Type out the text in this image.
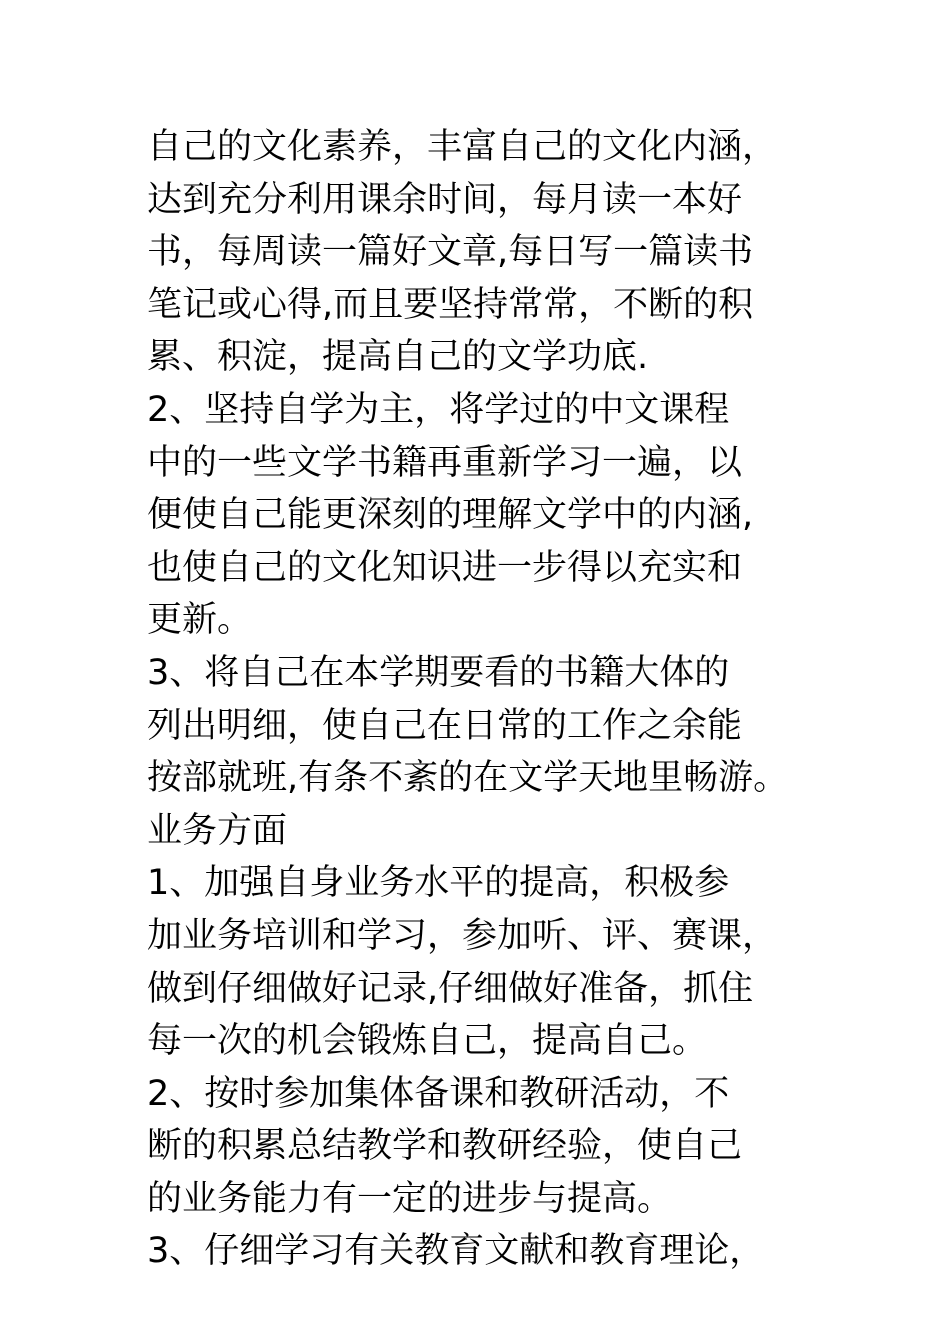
自己的文化素养，丰富自己的文化内涵，
达到充分利用课余时间，每月读一本好
书，每周读一篇好文章,每日写一篇读书
笔记或心得,而且要坚持常常，不断的积
累、积淀，提高自己的文学功底.
2、坚持自学为主，将学过的中文课程
中的一些文学书籍再重新学习一遍，以
便使自己能更深刻的理解文学中的内涵,
也使自己的文化知识进一步得以充实和
更新。
3、将自己在本学期要看的书籍大体的
列出明细，使自己在日常的工作之余能
按部就班,有条不紊的在文学天地里畅游。
业务方面
1、加强自身业务水平的提高，积极参
加业务培训和学习，参加听、评、赛课，
做到仔细做好记录,仔细做好准备，抓住
每一次的机会锻炼自己，提高自己。
2、按时参加集体备课和教研活动，不
断的积累总结教学和教研经验，使自己
的业务能力有一定的进步与提高。
3、仔细学习有关教育文献和教育理论，
